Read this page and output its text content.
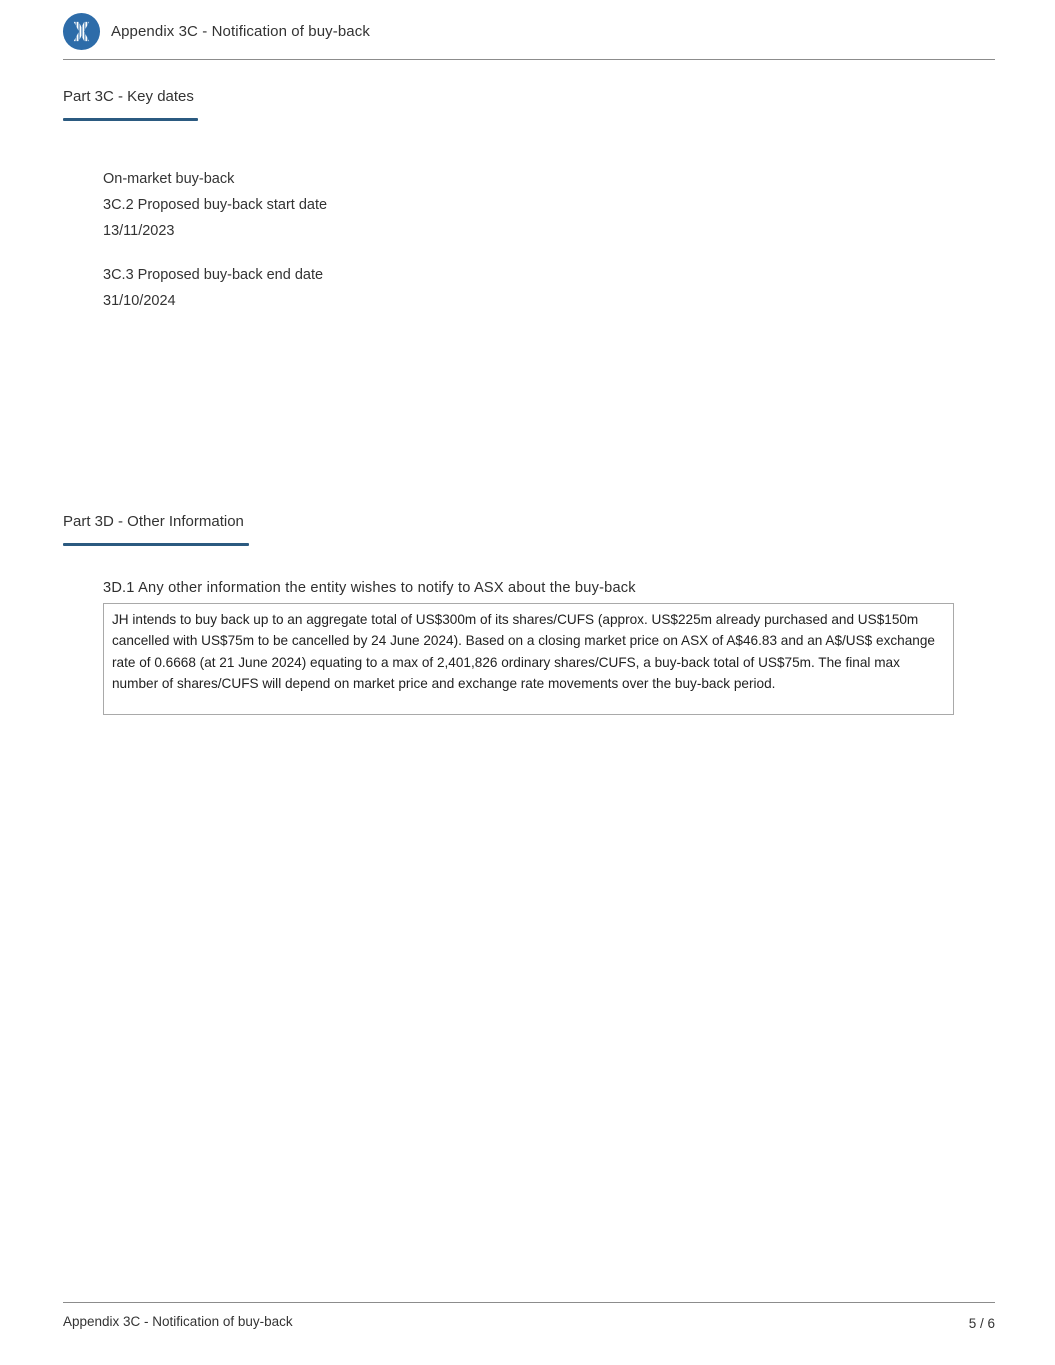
Appendix 3C - Notification of buy-back
Part 3C - Key dates
On-market buy-back
3C.2 Proposed buy-back start date
13/11/2023
3C.3 Proposed buy-back end date
31/10/2024
Part 3D - Other Information
3D.1 Any other information the entity wishes to notify to ASX about the buy-back
JH intends to buy back up to an aggregate total of US$300m of its shares/CUFS (approx. US$225m already purchased and US$150m cancelled with US$75m to be cancelled by 24 June 2024). Based on a closing market price on ASX of A$46.83 and an A$/US$ exchange rate of 0.6668 (at 21 June 2024) equating to a max of 2,401,826 ordinary shares/CUFS, a buy-back total of US$75m. The final max number of shares/CUFS will depend on market price and exchange rate movements over the buy-back period.
Appendix 3C - Notification of buy-back	5 / 6
